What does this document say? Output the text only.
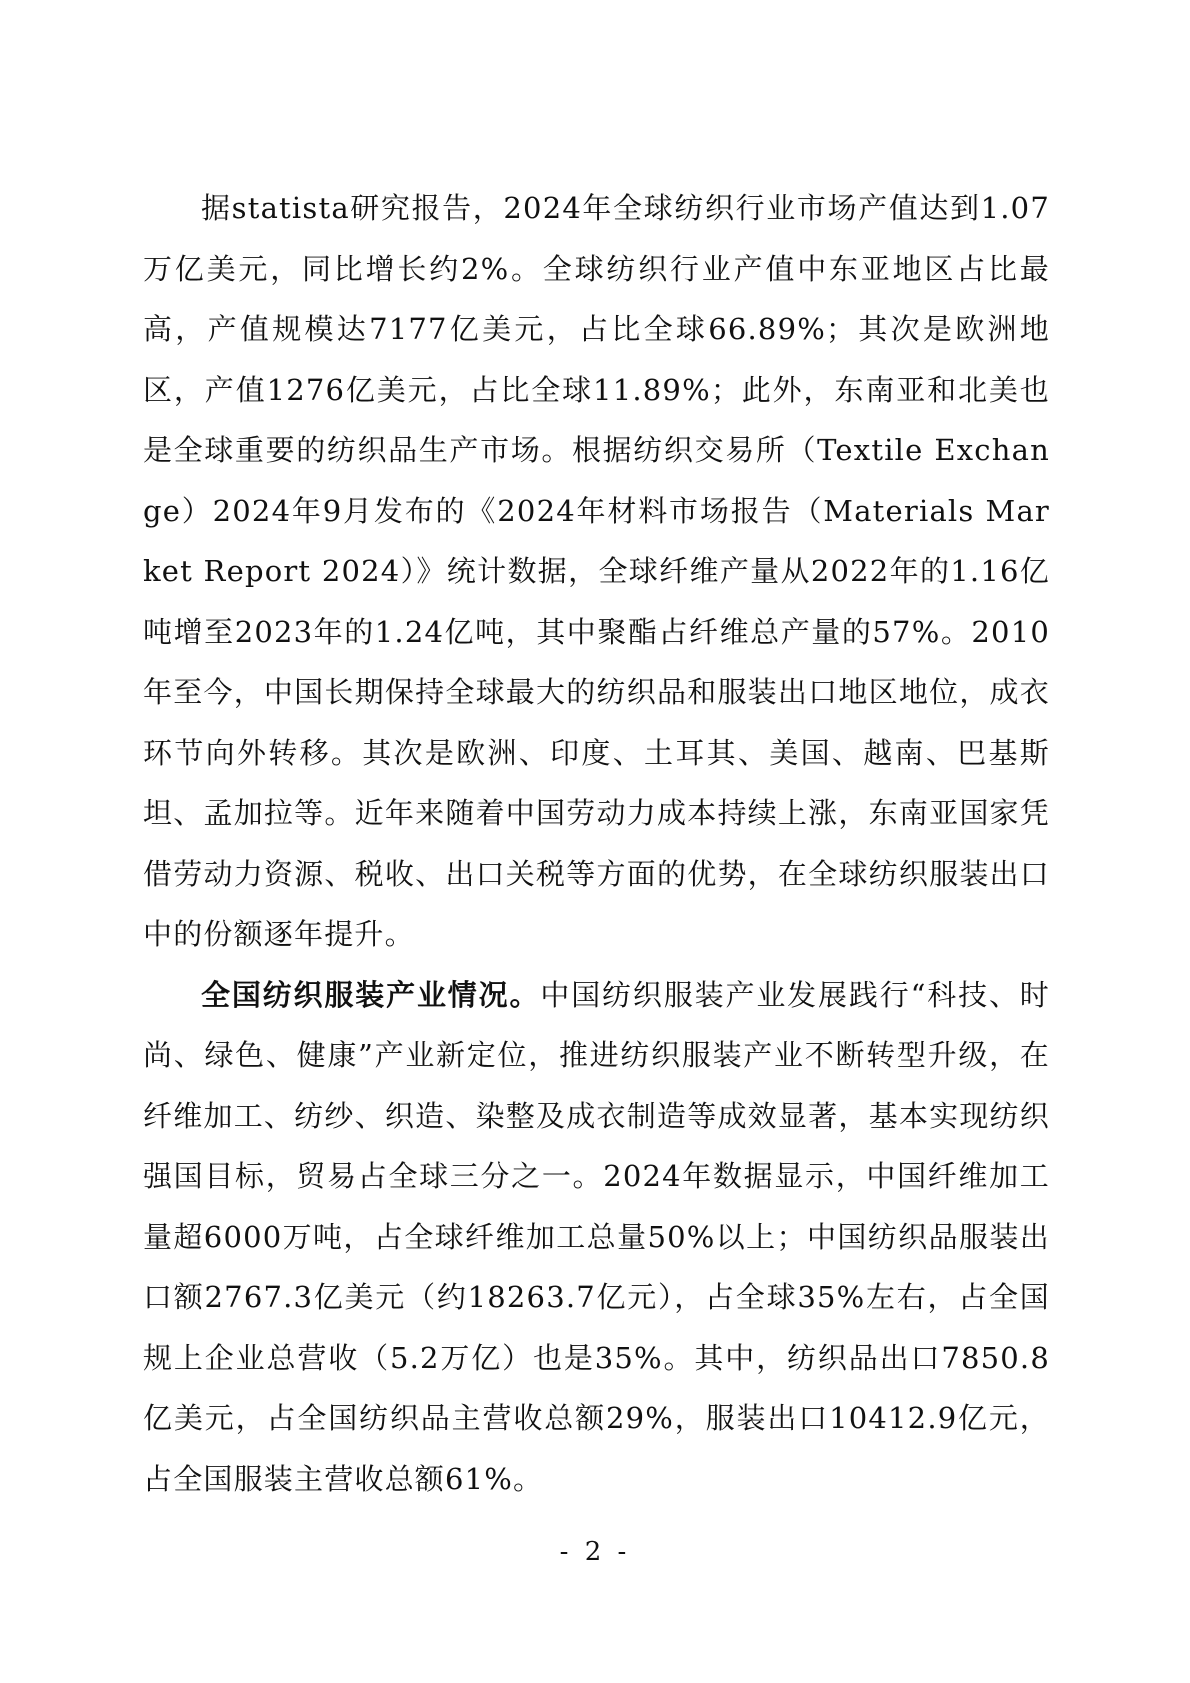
据statista研究报告，2024年全球纺织行业市场产值达到1.07万亿美元，同比增长约2%。全球纺织行业产值中东亚地区占比最高，产值规模达7177亿美元，占比全球66.89%；其次是欧洲地区，产值1276亿美元，占比全球11.89%；此外，东南亚和北美也是全球重要的纺织品生产市场。根据纺织交易所（Textile Exchange）2024年9月发布的《2024年材料市场报告（Materials Market Report 2024）》统计数据，全球纤维产量从2022年的1.16亿吨增至2023年的1.24亿吨，其中聚酯占纤维总产量的57%。2010年至今，中国长期保持全球最大的纺织品和服装出口地区地位，成衣环节向外转移。其次是欧洲、印度、土耳其、美国、越南、巴基斯坦、孟加拉等。近年来随着中国劳动力成本持续上涨，东南亚国家凭借劳动力资源、税收、出口关税等方面的优势，在全球纺织服装出口中的份额逐年提升。

全国纺织服装产业情况。中国纺织服装产业发展践行“科技、时尚、绿色、健康”产业新定位，推进纺织服装产业不断转型升级，在纤维加工、纺纱、织造、染整及成衣制造等成效显著，基本实现纺织强国目标，贸易占全球三分之一。2024年数据显示，中国纤维加工量超6000万吨，占全球纤维加工总量50%以上；中国纺织品服装出口额2767.3亿美元（约18263.7亿元），占全球35%左右，占全国规上企业总营收（5.2万亿）也是35%。其中，纺织品出口7850.8亿美元，占全国纺织品主营收总额29%，服装出口10412.9亿元，占全国服装主营收总额61%。

- 2 -
